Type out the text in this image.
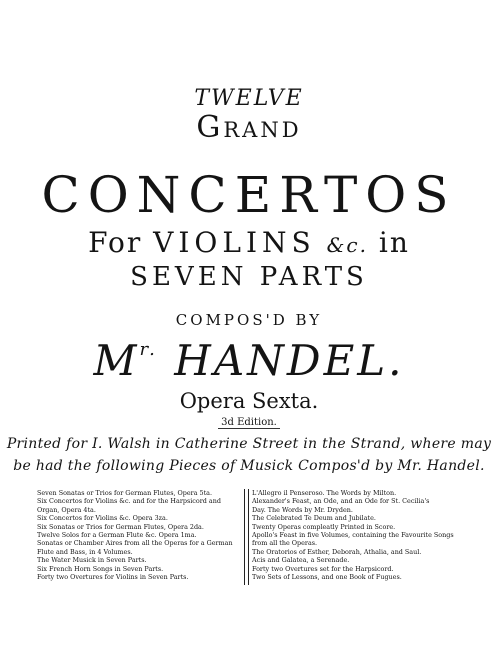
TWELVE
GRAND
CONCERTOS
For VIOLINS &c. in
SEVEN PARTS
COMPOS'D BY
$M^{r.}$ HANDEL.
Opera Sexta.
3d Edition.
Printed for I. Walsh in Catherine Street in the Strand, where may
be had the following Pieces of Musick Compos'd by Mr. Handel.
Seven Sonatas or Trios for German Flutes, Opera 5ta.
Six Concertos for Violins &c. and for the Harpsicord and
Organ, Opera 4ta.
Six Concertos for Violins &c. Opera 3za.
Six Sonatas or Trios for German Flutes, Opera 2da.
Twelve Solos for a German Flute &c. Opera 1ma.
Sonatas or Chamber Aires from all the Operas for a German
Flute and Bass, in 4 Volumes.
The Water Musick in Seven Parts.
Six French Horn Songs in Seven Parts.
Forty two Overtures for Violins in Seven Parts.
L'Allegro il Penseroso. The Words by Milton.
Alexander's Feast, an Ode, and an Ode for St. Cecilia's
Day. The Words by Mr. Dryden.
The Celebrated Te Deum and Jubilate.
Twenty Operas compleatly Printed in Score.
Apollo's Feast in five Volumes, containing the Favourite Songs
from all the Operas.
The Oratorios of Esther, Deborah, Athalia, and Saul.
Acis and Galatea, a Serenade.
Forty two Overtures set for the Harpsicord.
Two Sets of Lessons, and one Book of Fugues.
